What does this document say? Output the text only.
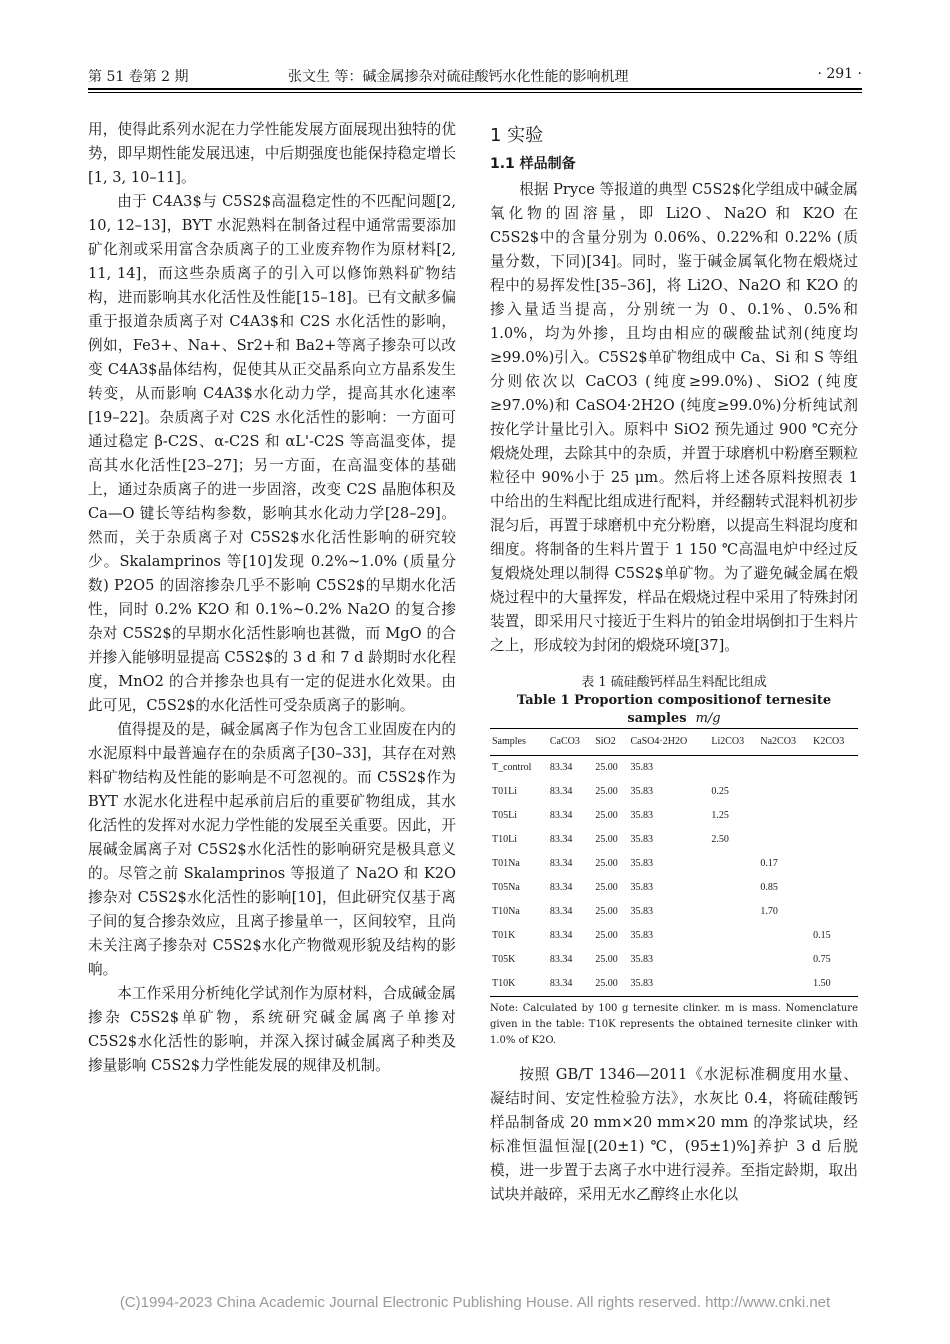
第 51 卷第 2 期	张文生 等：碱金属掺杂对硫硅酸钙水化性能的影响机理	· 291 ·

用，使得此系列水泥在力学性能发展方面展现出独特的优势，即早期性能发展迅速，中后期强度也能保持稳定增长[1, 3, 10–11]。

由于 C4A3$与 C5S2$高温稳定性的不匹配问题[2, 10, 12–13]，BYT 水泥熟料在制备过程中通常需要添加矿化剂或采用富含杂质离子的工业废弃物作为原材料[2, 11, 14]，而这些杂质离子的引入可以修饰熟料矿物结构，进而影响其水化活性及性能[15–18]。已有文献多偏重于报道杂质离子对 C4A3$和 C2S 水化活性的影响，例如，Fe3+、Na+、Sr2+和 Ba2+等离子掺杂可以改变 C4A3$晶体结构，促使其从正交晶系向立方晶系发生转变，从而影响 C4A3$水化动力学，提高其水化速率[19–22]。杂质离子对 C2S 水化活性的影响：一方面可通过稳定 β-C2S、α-C2S 和 αL'-C2S 等高温变体，提高其水化活性[23–27]；另一方面，在高温变体的基础上，通过杂质离子的进一步固溶，改变 C2S 晶胞体积及 Ca—O 键长等结构参数，影响其水化动力学[28–29]。然而，关于杂质离子对 C5S2$水化活性影响的研究较少。Skalamprinos 等[10]发现 0.2%~1.0% (质量分数) P2O5 的固溶掺杂几乎不影响 C5S2$的早期水化活性，同时 0.2% K2O 和 0.1%~0.2% Na2O 的复合掺杂对 C5S2$的早期水化活性影响也甚微，而 MgO 的合并掺入能够明显提高 C5S2$的 3 d 和 7 d 龄期时水化程度，MnO2 的合并掺杂也具有一定的促进水化效果。由此可见，C5S2$的水化活性可受杂质离子的影响。

值得提及的是，碱金属离子作为包含工业固废在内的水泥原料中最普遍存在的杂质离子[30–33]，其存在对熟料矿物结构及性能的影响是不可忽视的。而 C5S2$作为 BYT 水泥水化进程中起承前启后的重要矿物组成，其水化活性的发挥对水泥力学性能的发展至关重要。因此，开展碱金属离子对 C5S2$水化活性的影响研究是极具意义的。尽管之前 Skalamprinos 等报道了 Na2O 和 K2O 掺杂对 C5S2$水化活性的影响[10]，但此研究仅基于离子间的复合掺杂效应，且离子掺量单一，区间较窄，且尚未关注离子掺杂对 C5S2$水化产物微观形貌及结构的影响。

本工作采用分析纯化学试剂作为原材料，合成碱金属掺杂 C5S2$单矿物，系统研究碱金属离子单掺对 C5S2$水化活性的影响，并深入探讨碱金属离子种类及掺量影响 C5S2$力学性能发展的规律及机制。

1 实验
1.1 样品制备

根据 Pryce 等报道的典型 C5S2$化学组成中碱金属氧化物的固溶量，即 Li2O、Na2O 和 K2O 在 C5S2$中的含量分别为 0.06%、0.22%和 0.22% (质量分数，下同)[34]。同时，鉴于碱金属氧化物在煅烧过程中的易挥发性[35–36]，将 Li2O、Na2O 和 K2O 的掺入量适当提高，分别统一为 0、0.1%、0.5%和 1.0%，均为外掺，且均由相应的碳酸盐试剂(纯度均≥99.0%)引入。C5S2$单矿物组成中 Ca、Si 和 S 等组分则依次以 CaCO3 (纯度≥99.0%)、SiO2 (纯度≥97.0%)和 CaSO4·2H2O (纯度≥99.0%)分析纯试剂按化学计量比引入。原料中 SiO2 预先通过 900 ℃充分煅烧处理，去除其中的杂质，并置于球磨机中粉磨至颗粒粒径中 90%小于 25 μm。然后将上述各原料按照表 1 中给出的生料配比组成进行配料，并经翻转式混料机初步混匀后，再置于球磨机中充分粉磨，以提高生料混均度和细度。将制备的生料片置于 1 150 ℃高温电炉中经过反复煅烧处理以制得 C5S2$单矿物。为了避免碱金属在煅烧过程中的大量挥发，样品在煅烧过程中采用了特殊封闭装置，即采用尺寸接近于生料片的铂金坩埚倒扣于生料片之上，形成较为封闭的煅烧环境[37]。

表 1 硫硅酸钙样品生料配比组成
Table 1 Proportion compositionof ternesite samples m/g
Samples	CaCO3	SiO2	CaSO4·2H2O	Li2CO3	Na2CO3	K2CO3
T_control	83.34	25.00	35.83			
T01Li	83.34	25.00	35.83	0.25		
T05Li	83.34	25.00	35.83	1.25		
T10Li	83.34	25.00	35.83	2.50		
T01Na	83.34	25.00	35.83		0.17	
T05Na	83.34	25.00	35.83		0.85	
T10Na	83.34	25.00	35.83		1.70	
T01K	83.34	25.00	35.83			0.15
T05K	83.34	25.00	35.83			0.75
T10K	83.34	25.00	35.83			1.50
Note: Calculated by 100 g ternesite clinker. m is mass. Nomenclature given in the table: T10K represents the obtained ternesite clinker with 1.0% of K2O.

按照 GB/T 1346—2011《水泥标准稠度用水量、凝结时间、安定性检验方法》，水灰比 0.4，将硫硅酸钙样品制备成 20 mm×20 mm×20 mm 的净浆试块，经标准恒温恒湿[(20±1) ℃，(95±1)%]养护 3 d 后脱模，进一步置于去离子水中进行浸养。至指定龄期，取出试块并敲碎，采用无水乙醇终止水化以

(C)1994-2023 China Academic Journal Electronic Publishing House. All rights reserved. http://www.cnki.net
